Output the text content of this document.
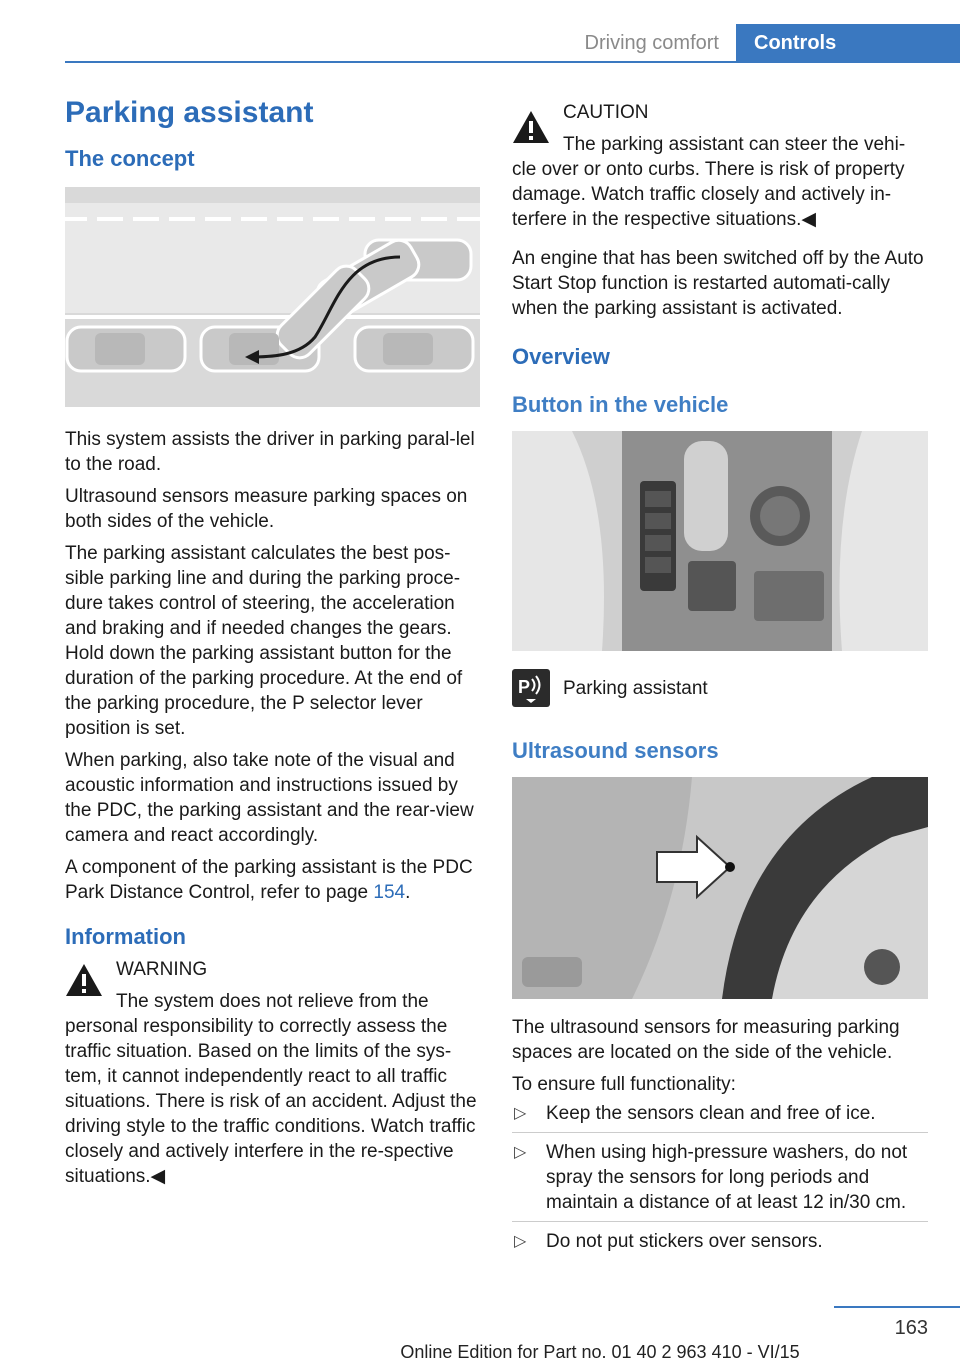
Driving comfort	Controls
Parking assistant
The concept

This system assists the driver in parking paral-lel to the road.

Ultrasound sensors measure parking spaces on both sides of the vehicle.

The parking assistant calculates the best pos-sible parking line and during the parking proce-dure takes control of steering, the acceleration and braking and if needed changes the gears. Hold down the parking assistant button for the duration of the parking procedure. At the end of the parking procedure, the P selector lever position is set.

When parking, also take note of the visual and acoustic information and instructions issued by the PDC, the parking assistant and the rear-view camera and react accordingly.

A component of the parking assistant is the PDC Park Distance Control, refer to page 154.

Information
WARNING
The system does not relieve from the
personal responsibility to correctly assess the traffic situation. Based on the limits of the sys-tem, it cannot independently react to all traffic situations. There is risk of an accident. Adjust the driving style to the traffic conditions. Watch traffic closely and actively interfere in the re-spective situations.◀
CAUTION
The parking assistant can steer the vehi-
cle over or onto curbs. There is risk of property damage. Watch traffic closely and actively in-terfere in the respective situations.◀

An engine that has been switched off by the Auto Start Stop function is restarted automati-cally when the parking assistant is activated.

Overview
Button in the vehicle
P Parking assistant
Ultrasound sensors

The ultrasound sensors for measuring parking spaces are located on the side of the vehicle.

To ensure full functionality:

▷ Keep the sensors clean and free of ice.
▷ When using high-pressure washers, do not spray the sensors for long periods and maintain a distance of at least 12 in/30 cm.
▷ Do not put stickers over sensors.
163
Online Edition for Part no. 01 40 2 963 410 - VI/15
